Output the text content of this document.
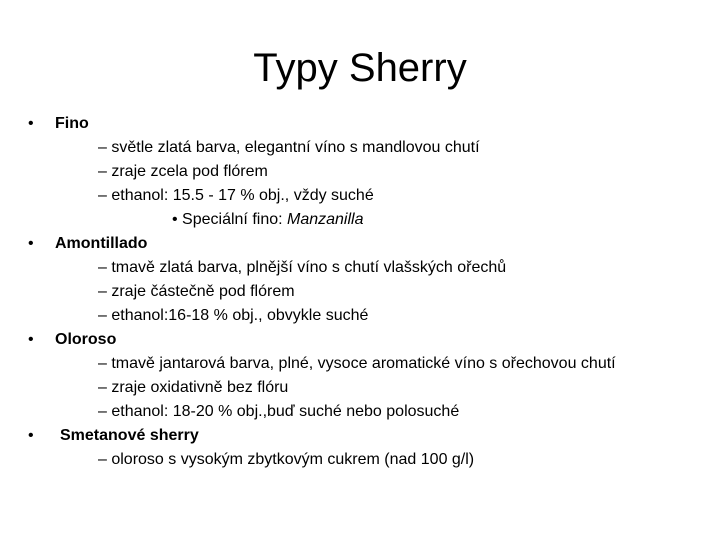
Typy Sherry
• Fino
– světle zlatá barva, elegantní víno s mandlovou chutí
– zraje zcela pod flórem
– ethanol: 15.5 - 17 % obj., vždy suché
• Speciální fino: Manzanilla
• Amontillado
– tmavě zlatá barva, plnější víno s chutí vlašských ořechů
– zraje částečně pod flórem
– ethanol:16-18 % obj., obvykle suché
• Oloroso
– tmavě jantarová barva, plné, vysoce aromatické víno s ořechovou chutí
– zraje oxidativně bez flóru
– ethanol: 18-20 % obj.,buď suché nebo polosuché
• Smetanové sherry
– oloroso s vysokým zbytkovým cukrem (nad 100 g/l)
